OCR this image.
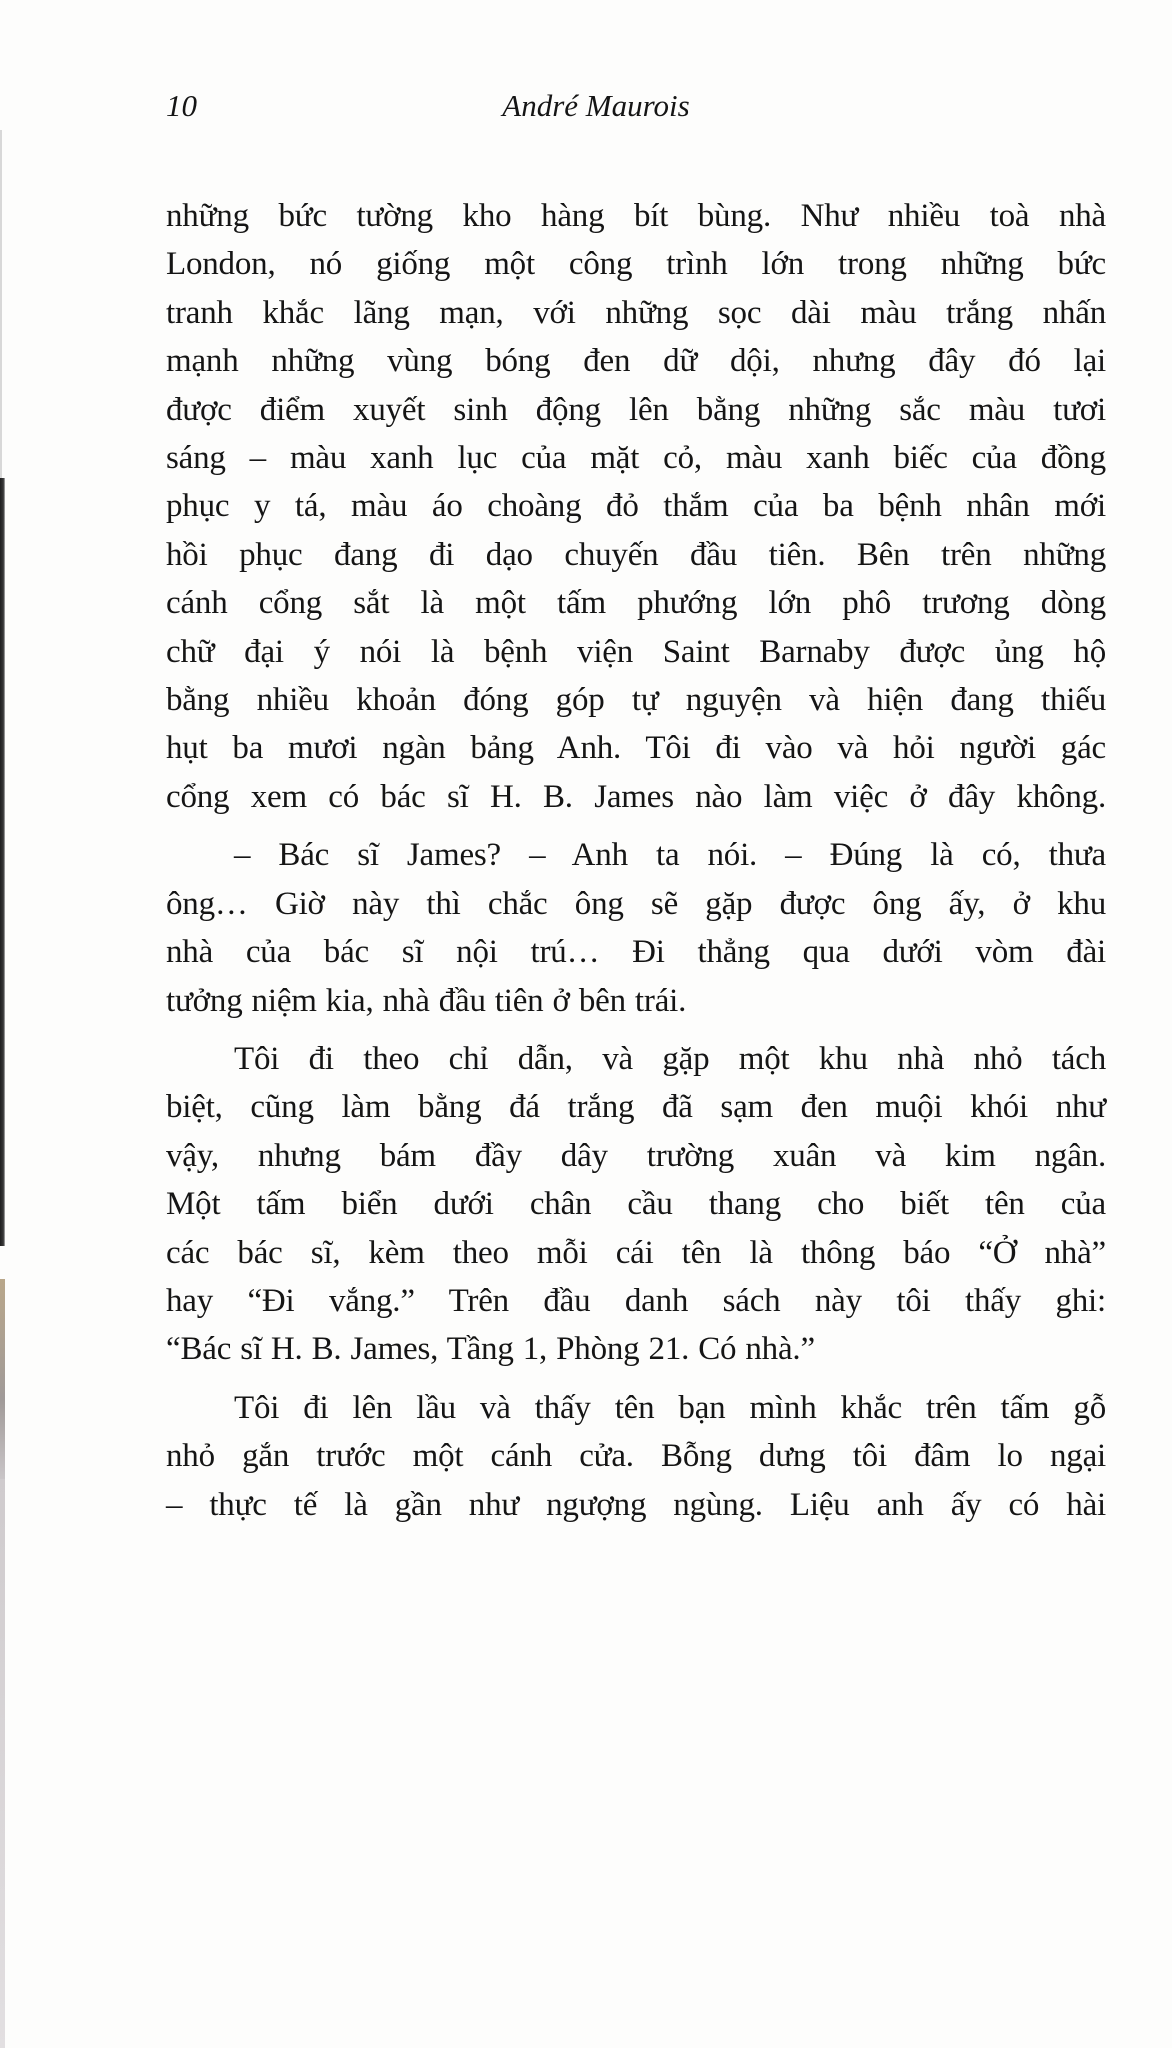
10	André Maurois

những bức tường kho hàng bít bùng. Như nhiều toà nhà
London, nó giống một công trình lớn trong những bức
tranh khắc lãng mạn, với những sọc dài màu trắng nhấn
mạnh những vùng bóng đen dữ dội, nhưng đây đó lại
được điểm xuyết sinh động lên bằng những sắc màu tươi
sáng – màu xanh lục của mặt cỏ, màu xanh biếc của đồng
phục y tá, màu áo choàng đỏ thắm của ba bệnh nhân mới
hồi phục đang đi dạo chuyến đầu tiên. Bên trên những
cánh cổng sắt là một tấm phướng lớn phô trương dòng
chữ đại ý nói là bệnh viện Saint Barnaby được ủng hộ
bằng nhiều khoản đóng góp tự nguyện và hiện đang thiếu
hụt ba mươi ngàn bảng Anh. Tôi đi vào và hỏi người gác
cổng xem có bác sĩ H. B. James nào làm việc ở đây không.

– Bác sĩ James? – Anh ta nói. – Đúng là có, thưa
ông… Giờ này thì chắc ông sẽ gặp được ông ấy, ở khu
nhà của bác sĩ nội trú… Đi thẳng qua dưới vòm đài
tưởng niệm kia, nhà đầu tiên ở bên trái.

Tôi đi theo chỉ dẫn, và gặp một khu nhà nhỏ tách
biệt, cũng làm bằng đá trắng đã sạm đen muội khói như
vậy, nhưng bám đầy dây trường xuân và kim ngân.
Một tấm biển dưới chân cầu thang cho biết tên của
các bác sĩ, kèm theo mỗi cái tên là thông báo “Ở nhà”
hay “Đi vắng.” Trên đầu danh sách này tôi thấy ghi:
“Bác sĩ H. B. James, Tầng 1, Phòng 21. Có nhà.”

Tôi đi lên lầu và thấy tên bạn mình khắc trên tấm gỗ
nhỏ gắn trước một cánh cửa. Bỗng dưng tôi đâm lo ngại
– thực tế là gần như ngượng ngùng. Liệu anh ấy có hài
